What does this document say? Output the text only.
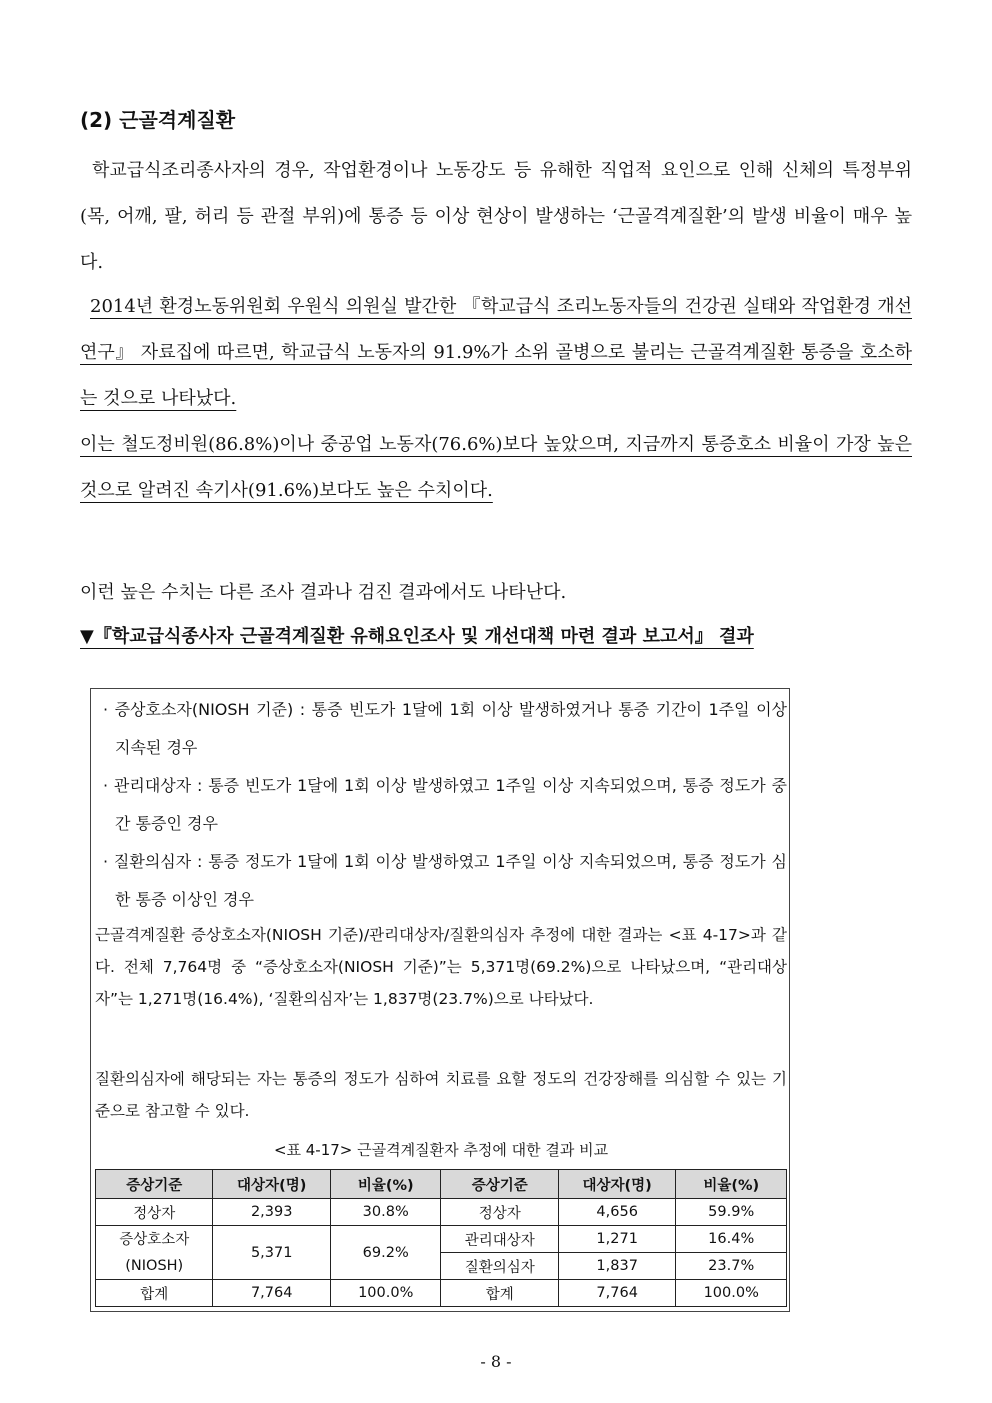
(2) 근골격계질환
학교급식조리종사자의 경우, 작업환경이나 노동강도 등 유해한 직업적 요인으로 인해 신체의 특정부위(목, 어깨, 팔, 허리 등 관절 부위)에 통증 등 이상 현상이 발생하는 ‘근골격계질환’의 발생 비율이 매우 높다.
2014년 환경노동위원회 우원식 의원실 발간한 『학교급식 조리노동자들의 건강권 실태와 작업환경 개선연구』 자료집에 따르면, 학교급식 노동자의 91.9%가 소위 골병으로 불리는 근골격계질환 통증을 호소하는 것으로 나타났다.
이는 철도정비원(86.8%)이나 중공업 노동자(76.6%)보다 높았으며, 지금까지 통증호소 비율이 가장 높은 것으로 알려진 속기사(91.6%)보다도 높은 수치이다.
이런 높은 수치는 다른 조사 결과나 검진 결과에서도 나타난다.
▼『학교급식종사자 근골격계질환 유해요인조사 및 개선대책 마련 결과 보고서』 결과
· 증상호소자(NIOSH 기준) : 통증 빈도가 1달에 1회 이상 발생하였거나 통증 기간이 1주일 이상 지속된 경우
· 관리대상자 : 통증 빈도가 1달에 1회 이상 발생하였고 1주일 이상 지속되었으며, 통증 정도가 중간 통증인 경우
· 질환의심자 : 통증 정도가 1달에 1회 이상 발생하였고 1주일 이상 지속되었으며, 통증 정도가 심한 통증 이상인 경우
근골격계질환 증상호소자(NIOSH 기준)/관리대상자/질환의심자 추정에 대한 결과는 <표 4-17>과 같다. 전체 7,764명 중 “증상호소자(NIOSH 기준)”는 5,371명(69.2%)으로 나타났으며, “관리대상자”는 1,271명(16.4%), ‘질환의심자’는 1,837명(23.7%)으로 나타났다.
질환의심자에 해당되는 자는 통증의 정도가 심하여 치료를 요할 정도의 건강장해를 의심할 수 있는 기준으로 참고할 수 있다.
<표 4-17> 근골격계질환자 추정에 대한 결과 비교
증상기준	대상자(명)	비율(%)	증상기준	대상자(명)	비율(%)
정상자	2,393	30.8%	정상자	4,656	59.9%

증상호소자
(NIOSH)	5,371	69.2%	관리대상자	1,271	16.4%
			질환의심자	1,837	23.7%
합계	7,764	100.0%	합계	7,764	100.0%
- 8 -
